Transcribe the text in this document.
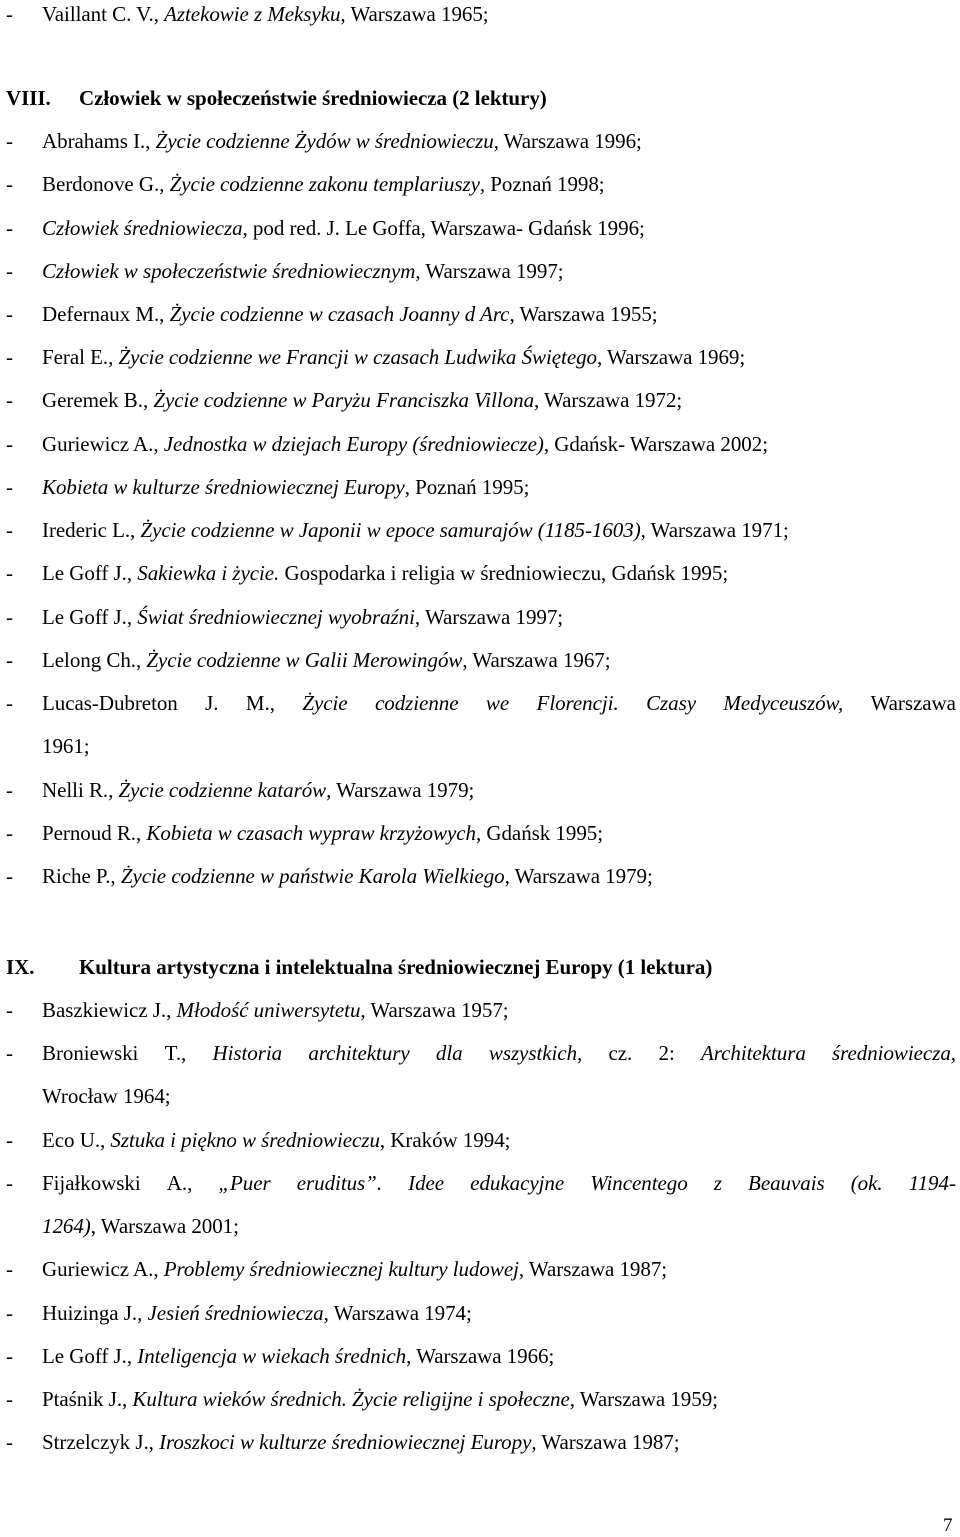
- Vaillant C. V., Aztekowie z Meksyku, Warszawa 1965;
VIII. Człowiek w społeczeństwie średniowiecza (2 lektury)
- Abrahams I., Życie codzienne Żydów w średniowieczu, Warszawa 1996;
- Berdonove G., Życie codzienne zakonu templariuszy, Poznań 1998;
- Człowiek średniowiecza, pod red. J. Le Goffa, Warszawa- Gdańsk 1996;
- Człowiek w społeczeństwie średniowiecznym, Warszawa 1997;
- Defernaux M., Życie codzienne w czasach Joanny d Arc, Warszawa 1955;
- Feral E., Życie codzienne we Francji w czasach Ludwika Świętego, Warszawa 1969;
- Geremek B., Życie codzienne w Paryżu Franciszka Villona, Warszawa 1972;
- Guriewicz A., Jednostka w dziejach Europy (średniowiecze), Gdańsk- Warszawa 2002;
- Kobieta w kulturze średniowiecznej Europy, Poznań 1995;
- Irederic L., Życie codzienne w Japonii w epoce samurajów (1185-1603), Warszawa 1971;
- Le Goff J., Sakiewka i życie. Gospodarka i religia w średniowieczu, Gdańsk 1995;
- Le Goff J., Świat średniowiecznej wyobraźni, Warszawa 1997;
- Lelong Ch., Życie codzienne w Galii Merowingów, Warszawa 1967;
- Lucas-Dubreton J. M., Życie codzienne we Florencji. Czasy Medyceuszów, Warszawa
1961;
- Nelli R., Życie codzienne katarów, Warszawa 1979;
- Pernoud R., Kobieta w czasach wypraw krzyżowych, Gdańsk 1995;
- Riche P., Życie codzienne w państwie Karola Wielkiego, Warszawa 1979;
IX. Kultura artystyczna i intelektualna średniowiecznej Europy (1 lektura)
- Baszkiewicz J., Młodość uniwersytetu, Warszawa 1957;
- Broniewski T., Historia architektury dla wszystkich, cz. 2: Architektura średniowiecza,
Wrocław 1964;
- Eco U., Sztuka i piękno w średniowieczu, Kraków 1994;
- Fijałkowski A., „Puer eruditus”. Idee edukacyjne Wincentego z Beauvais (ok. 1194-
1264), Warszawa 2001;
- Guriewicz A., Problemy średniowiecznej kultury ludowej, Warszawa 1987;
- Huizinga J., Jesień średniowiecza, Warszawa 1974;
- Le Goff J., Inteligencja w wiekach średnich, Warszawa 1966;
- Ptaśnik J., Kultura wieków średnich. Życie religijne i społeczne, Warszawa 1959;
- Strzelczyk J., Iroszkoci w kulturze średniowiecznej Europy, Warszawa 1987;
7
